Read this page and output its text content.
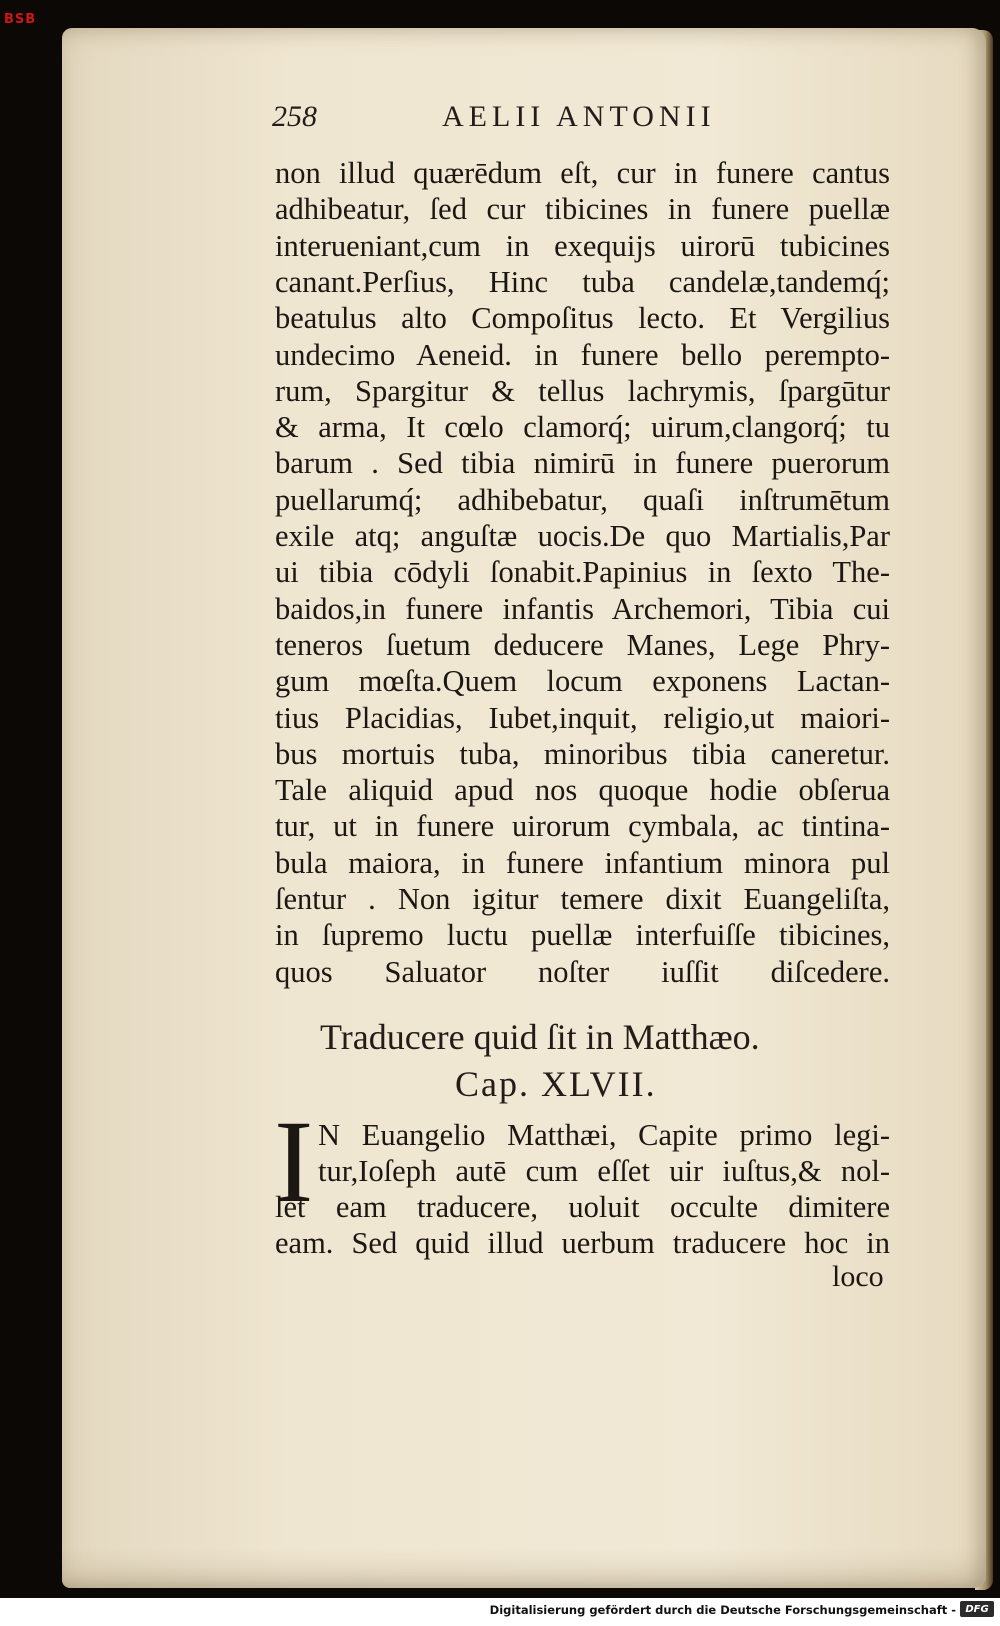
BSB
258	AELII ANTONII
non illud quærēdum eſt, cur in funere cantus
adhibeatur, ſed cur tibicines in funere puellæ
interueniant,cum in exequijs uirorū tubicines
canant.Perſius, Hinc tuba candelæ,tandemq́;
beatulus alto Compoſitus lecto. Et Vergilius
undecimo Aeneid. in funere bello perempto-
rum, Spargitur & tellus lachrymis, ſpargūtur
& arma, It cœlo clamorq́; uirum,clangorq́; tu
barum . Sed tibia nimirū in funere puerorum
puellarumq́; adhibebatur, quaſi inſtrumētum
exile atq; anguſtæ uocis.De quo Martialis,Par
ui tibia cōdyli ſonabit.Papinius in ſexto The-
baidos,in funere infantis Archemori, Tibia cui
teneros ſuetum deducere Manes, Lege Phry-
gum mœſta.Quem locum exponens Lactan-
tius Placidias, Iubet,inquit, religio,ut maiori-
bus mortuis tuba, minoribus tibia caneretur.
Tale aliquid apud nos quoque hodie obſerua
tur, ut in funere uirorum cymbala, ac tintina-
bula maiora, in funere infantium minora pul
ſentur . Non igitur temere dixit Euangeliſta,
in ſupremo luctu puellæ interfuiſſe tibicines,
quos Saluator noſter iuſſit diſcedere.
Traducere quid ſit in Matthæo.
Cap. XLVII.
I N Euangelio Matthæi, Capite primo legi-
tur,Ioſeph autē cum eſſet uir iuſtus,& nol-
let eam traducere, uoluit occulte dimitere
eam. Sed quid illud uerbum traducere hoc in
loco
Digitalisierung gefördert durch die Deutsche Forschungsgemeinschaft - DFG
